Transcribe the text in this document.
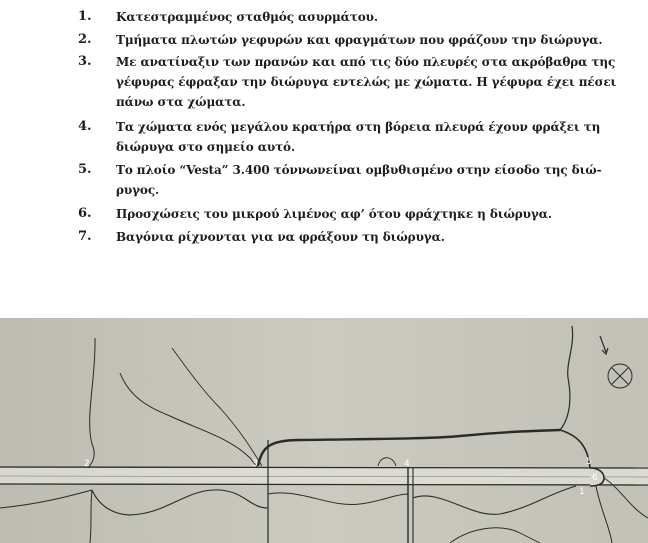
1. Κατεστραμμένος σταθμός ασυρμάτου.
2. Τμήματα πλωτών γεφυρών και φραγμάτων που φράζουν την διώρυγα.
3. Με ανατίναξιν των πρανών και από τις δύο πλευρές στα ακρόβαθρα της
γέφυρας έφραξαν την διώρυγα εντελώς με χώματα. Η γέφυρα έχει πέσει
πάνω στα χώματα.
4. Τα χώματα ενός μεγάλου κρατήρα στη βόρεια πλευρά έχουν φράξει τη
διώρυγα στο σημείο αυτό.
5. Το πλοίο “Vesta” 3.400 τόννωνείναι ομβυθισμένο στην είσοδο της διώ-
ρυγος.
6. Προσχώσεις του μικρού λιμένος αφ’ ότου φράχτηκε η διώρυγα.
7. Βαγόνια ρίχνονται για να φράξουν τη διώρυγα.
2	3	4	5
6
1
